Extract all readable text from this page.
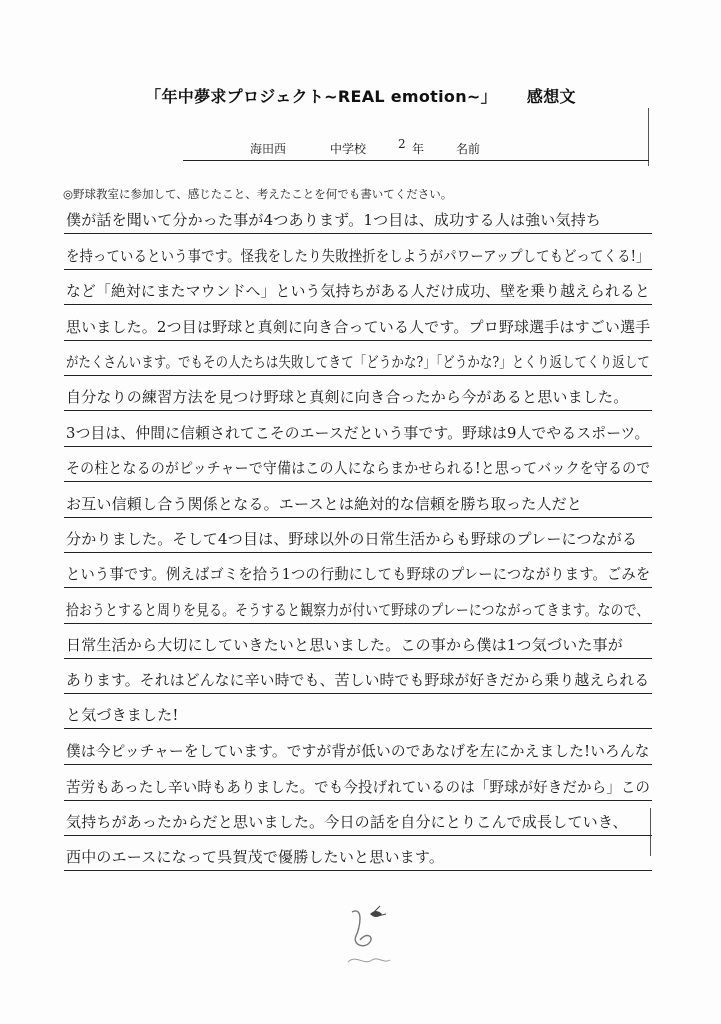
「年中夢求プロジェクト~REAL emotion~」 感想文
海田西	中学校	2 年	名前
◎野球教室に参加して、感じたこと、考えたことを何でも書いてください。
僕が話を聞いて分かった事が4つありまず。1つ目は、成功する人は強い気持ち
を持っているという事です。怪我をしたり失敗挫折をしようがパワーアップしてもどってくる!」
など「絶対にまたマウンドへ」という気持ちがある人だけ成功、壁を乗り越えられると
思いました。2つ目は野球と真剣に向き合っている人です。プロ野球選手はすごい選手
がたくさんいます。でもその人たちは失敗してきて「どうかな?」「どうかな?」とくり返してくり返して
自分なりの練習方法を見つけ野球と真剣に向き合ったから今があると思いました。
3つ目は、仲間に信頼されてこそのエースだという事です。野球は9人でやるスポーツ。
その柱となるのがピッチャーで守備はこの人にならまかせられる!と思ってバックを守るので
お互い信頼し合う関係となる。エースとは絶対的な信頼を勝ち取った人だと
分かりました。そして4つ目は、野球以外の日常生活からも野球のプレーにつながる
という事です。例えばゴミを拾う1つの行動にしても野球のプレーにつながります。ごみを
拾おうとすると周りを見る。そうすると観察力が付いて野球のプレーにつながってきます。なので、
日常生活から大切にしていきたいと思いました。この事から僕は1つ気づいた事が
あります。それはどんなに辛い時でも、苦しい時でも野球が好きだから乗り越えられる
と気づきました!
僕は今ピッチャーをしています。ですが背が低いのであなげを左にかえました!いろんな
苦労もあったし辛い時もありました。でも今投げれているのは「野球が好きだから」この
気持ちがあったからだと思いました。今日の話を自分にとりこんで成長していき、
西中のエースになって呉賀茂で優勝したいと思います。
